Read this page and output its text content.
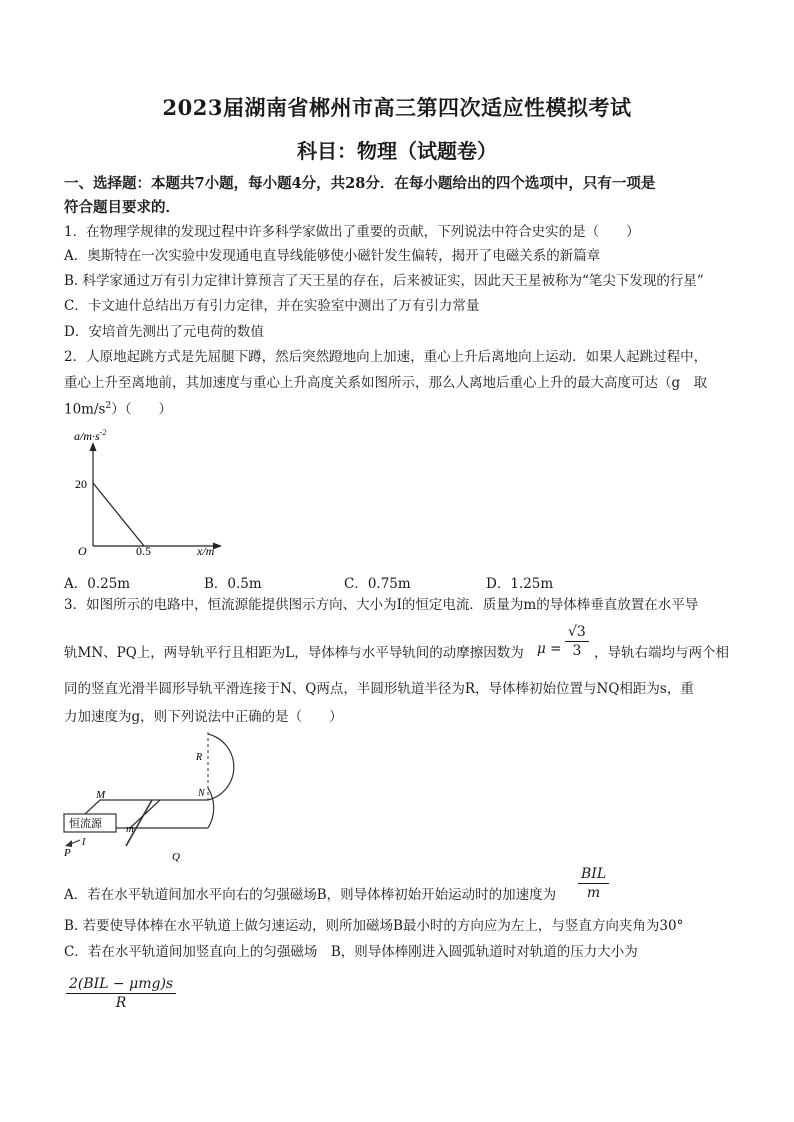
2023届湖南省郴州市高三第四次适应性模拟考试
科目：物理（试题卷）
一、选择题：本题共7小题，每小题4分，共28分．在每小题给出的四个选项中，只有一项是
符合题目要求的．
1．在物理学规律的发现过程中许多科学家做出了重要的贡献，下列说法中符合史实的是（　　）
A．奥斯特在一次实验中发现通电直导线能够使小磁针发生偏转，揭开了电磁关系的新篇章
B. 科学家通过万有引力定律计算预言了天王星的存在，后来被证实，因此天王星被称为“笔尖下发现的行星”
C．卡文迪什总结出万有引力定律，并在实验室中测出了万有引力常量
D．安培首先测出了元电荷的数值
2．人原地起跳方式是先屈腿下蹲，然后突然蹬地向上加速，重心上升后离地向上运动．如果人起跳过程中，
重心上升至离地前，其加速度与重心上升高度关系如图所示，那么人离地后重心上升的最大高度可达（g　取
$10m/s^2$）（　　）
$a/m\cdot s^{-2}$
20
O	0.5	x/m
A．0.25m	B．0.5m	C．0.75m	D．1.25m
3．如图所示的电路中，恒流源能提供图示方向、大小为I的恒定电流．质量为m的导体棒垂直放置在水平导
轨MN、PQ上，两导轨平行且相距为L，导体棒与水平导轨间的动摩擦因数为 $\mu = \frac{√3}{3}$ ，导轨右端均与两个相
同的竖直光滑半圆形导轨平滑连接于N、Q两点，半圆形轨道半径为R，导体棒初始位置与NQ相距为s，重
力加速度为g，则下列说法中正确的是（　　）
恒流源
M
P	Q
N
R
m
I
A．若在水平轨道间加水平向右的匀强磁场B，则导体棒初始开始运动时的加速度为
BIL
m
B. 若要使导体棒在水平轨道上做匀速运动，则所加磁场B最小时的方向应为左上，与竖直方向夹角为30°
C．若在水平轨道间加竖直向上的匀强磁场　B，则导体棒刚进入圆弧轨道时对轨道的压力大小为
2(BIL − μmg)s
R
